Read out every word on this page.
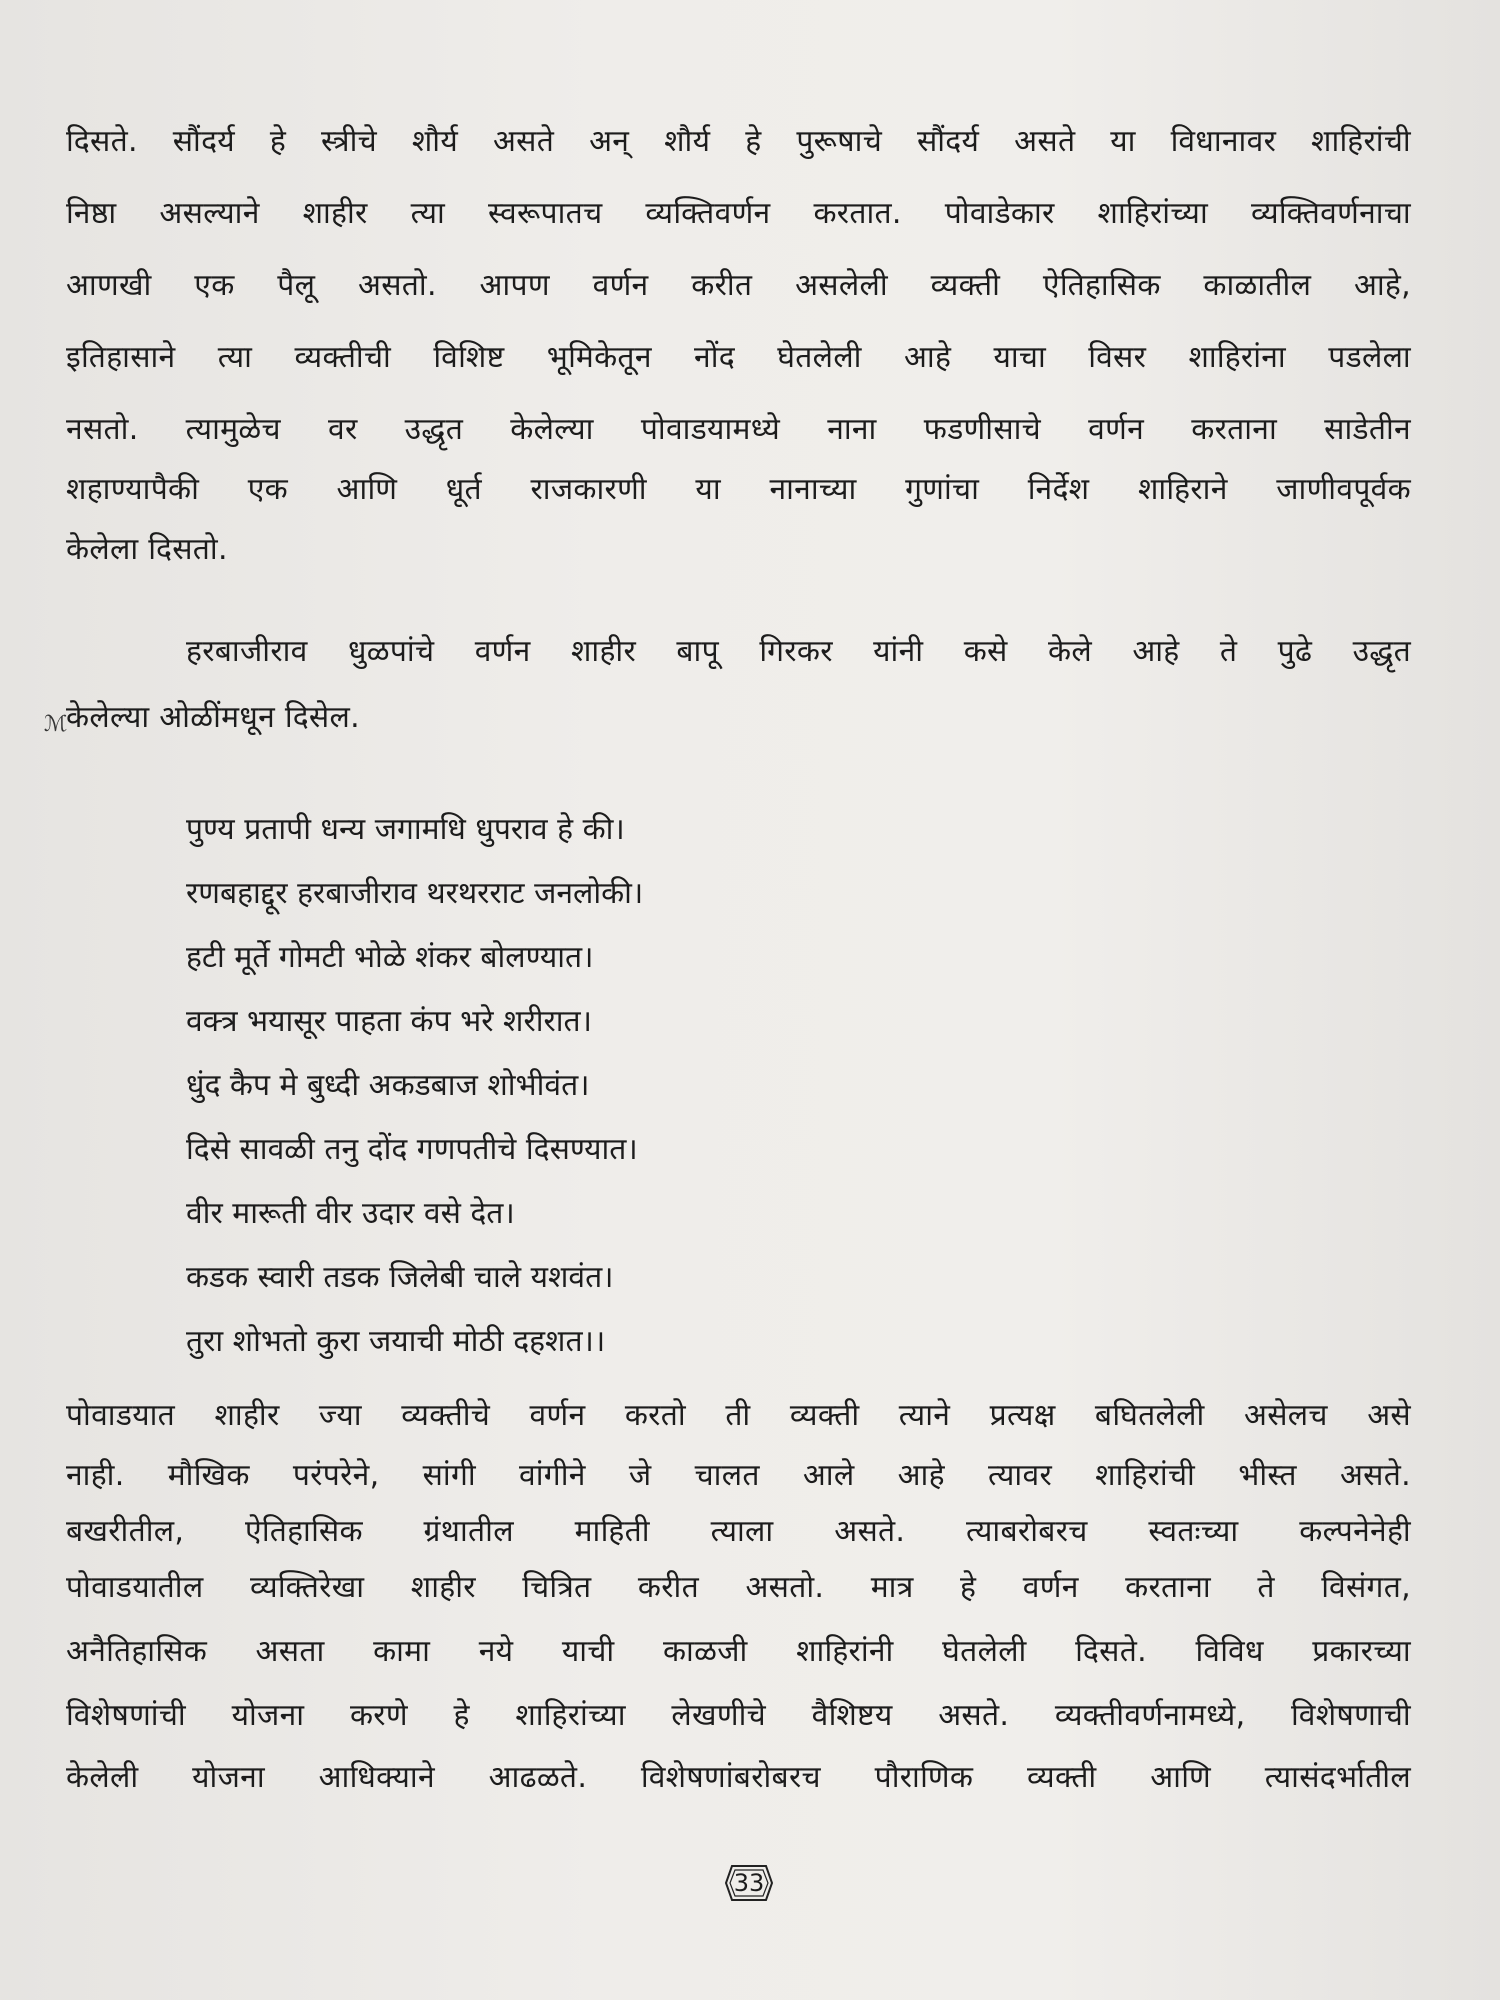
दिसते. सौंदर्य हे स्त्रीचे शौर्य असते अन् शौर्य हे पुरूषाचे सौंदर्य असते या विधानावर शाहिरांची
निष्ठा असल्याने शाहीर त्या स्वरूपातच व्यक्तिवर्णन करतात. पोवाडेकार शाहिरांच्या व्यक्तिवर्णनाचा
आणखी एक पैलू असतो. आपण वर्णन करीत असलेली व्यक्ती ऐतिहासिक काळातील आहे,
इतिहासाने त्या व्यक्तीची विशिष्ट भूमिकेतून नोंद घेतलेली आहे याचा विसर शाहिरांना पडलेला
नसतो. त्यामुळेच वर उद्धृत केलेल्या पोवाडयामध्ये नाना फडणीसाचे वर्णन करताना साडेतीन
शहाण्यापैकी एक आणि धूर्त राजकारणी या नानाच्या गुणांचा निर्देश शाहिराने जाणीवपूर्वक
केलेला दिसतो.
हरबाजीराव धुळपांचे वर्णन शाहीर बापू गिरकर यांनी कसे केले आहे ते पुढे उद्धृत
केलेल्या ओळींमधून दिसेल.
ℳ
पुण्य प्रतापी धन्य जगामधि धुपराव हे की।
रणबहाद्दूर हरबाजीराव थरथरराट जनलोकी।
हटी मूर्ते गोमटी भोळे शंकर बोलण्यात।
वक्त्र भयासूर पाहता कंप भरे शरीरात।
धुंद कैप मे बुध्दी अकडबाज शोभीवंत।
दिसे सावळी तनु दोंद गणपतीचे दिसण्यात।
वीर मारूती वीर उदार वसे देत।
कडक स्वारी तडक जिलेबी चाले यशवंत।
तुरा शोभतो कुरा जयाची मोठी दहशत।।
पोवाडयात शाहीर ज्या व्यक्तीचे वर्णन करतो ती व्यक्ती त्याने प्रत्यक्ष बघितलेली असेलच असे
नाही. मौखिक परंपरेने, सांगी वांगीने जे चालत आले आहे त्यावर शाहिरांची भीस्त असते.
बखरीतील, ऐतिहासिक ग्रंथातील माहिती त्याला असते. त्याबरोबरच स्वतःच्या कल्पनेनेही
पोवाडयातील व्यक्तिरेखा शाहीर चित्रित करीत असतो. मात्र हे वर्णन करताना ते विसंगत,
अनैतिहासिक असता कामा नये याची काळजी शाहिरांनी घेतलेली दिसते. विविध प्रकारच्या
विशेषणांची योजना करणे हे शाहिरांच्या लेखणीचे वैशिष्टय असते. व्यक्तीवर्णनामध्ये, विशेषणाची
केलेली योजना आधिक्याने आढळते. विशेषणांबरोबरच पौराणिक व्यक्ती आणि त्यासंदर्भातील
33
